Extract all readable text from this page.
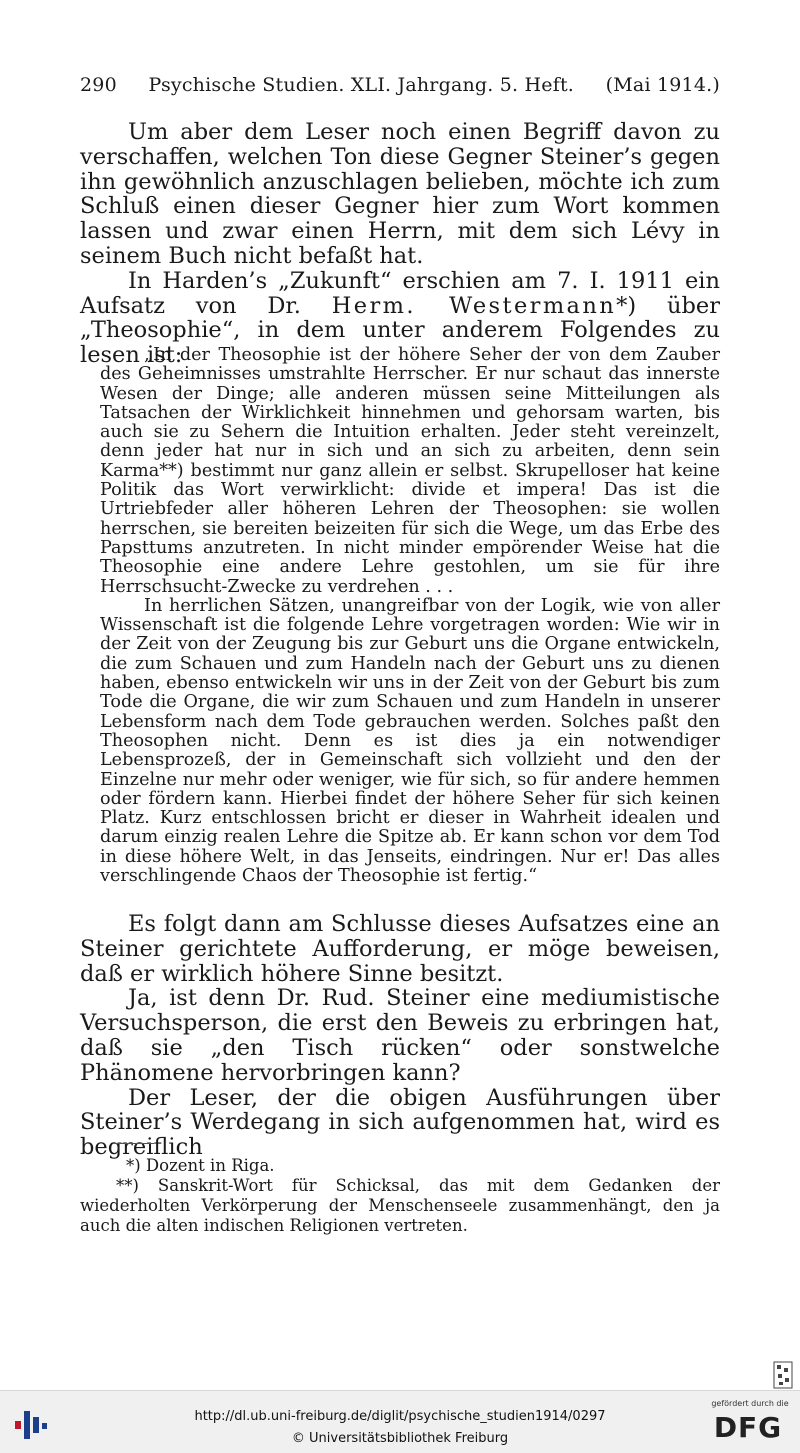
290 Psychische Studien. XLI. Jahrgang. 5. Heft. (Mai 1914.)

Um aber dem Leser noch einen Begriff davon zu verschaffen, welchen Ton diese Gegner Steiner’s gegen ihn gewöhnlich anzuschlagen belieben, möchte ich zum Schluß einen dieser Gegner hier zum Wort kommen lassen und zwar einen Herrn, mit dem sich Lévy in seinem Buch nicht befaßt hat.

In Harden’s „Zukunft“ erschien am 7. I. 1911 ein Aufsatz von Dr. Herm. Westermann*) über „Theosophie“, in dem unter anderem Folgendes zu lesen ist:

„In der Theosophie ist der höhere Seher der von dem Zauber des Geheimnisses umstrahlte Herrscher. Er nur schaut das innerste Wesen der Dinge; alle anderen müssen seine Mitteilungen als Tatsachen der Wirklichkeit hinnehmen und gehorsam warten, bis auch sie zu Sehern die Intuition erhalten. Jeder steht vereinzelt, denn jeder hat nur in sich und an sich zu arbeiten, denn sein Karma**) bestimmt nur ganz allein er selbst. Skrupelloser hat keine Politik das Wort verwirklicht: divide et impera! Das ist die Urtriebfeder aller höheren Lehren der Theosophen: sie wollen herrschen, sie bereiten beizeiten für sich die Wege, um das Erbe des Papsttums anzutreten. In nicht minder empörender Weise hat die Theosophie eine andere Lehre gestohlen, um sie für ihre Herrschsucht-Zwecke zu verdrehen . . .

In herrlichen Sätzen, unangreifbar von der Logik, wie von aller Wissenschaft ist die folgende Lehre vorgetragen worden: Wie wir in der Zeit von der Zeugung bis zur Geburt uns die Organe entwickeln, die zum Schauen und zum Handeln nach der Geburt uns zu dienen haben, ebenso entwickeln wir uns in der Zeit von der Geburt bis zum Tode die Organe, die wir zum Schauen und zum Handeln in unserer Lebensform nach dem Tode gebrauchen werden. Solches paßt den Theosophen nicht. Denn es ist dies ja ein notwendiger Lebensprozeß, der in Gemeinschaft sich vollzieht und den der Einzelne nur mehr oder weniger, wie für sich, so für andere hemmen oder fördern kann. Hierbei findet der höhere Seher für sich keinen Platz. Kurz entschlossen bricht er dieser in Wahrheit idealen und darum einzig realen Lehre die Spitze ab. Er kann schon vor dem Tod in diese höhere Welt, in das Jenseits, eindringen. Nur er! Das alles verschlingende Chaos der Theosophie ist fertig.“

Es folgt dann am Schlusse dieses Aufsatzes eine an Steiner gerichtete Aufforderung, er möge beweisen, daß er wirklich höhere Sinne besitzt.

Ja, ist denn Dr. Rud. Steiner eine mediumistische Versuchsperson, die erst den Beweis zu erbringen hat, daß sie „den Tisch rücken“ oder sonstwelche Phänomene hervorbringen kann?

Der Leser, der die obigen Ausführungen über Steiner’s Werdegang in sich aufgenommen hat, wird es begreiflich

*) Dozent in Riga.

**) Sanskrit-Wort für Schicksal, das mit dem Gedanken der wiederholten Verkörperung der Menschenseele zusammenhängt, den ja auch die alten indischen Religionen vertreten.

http://dl.ub.uni-freiburg.de/diglit/psychische_studien1914/0297
© Universitätsbibliothek Freiburg
gefördert durch die
DFG
